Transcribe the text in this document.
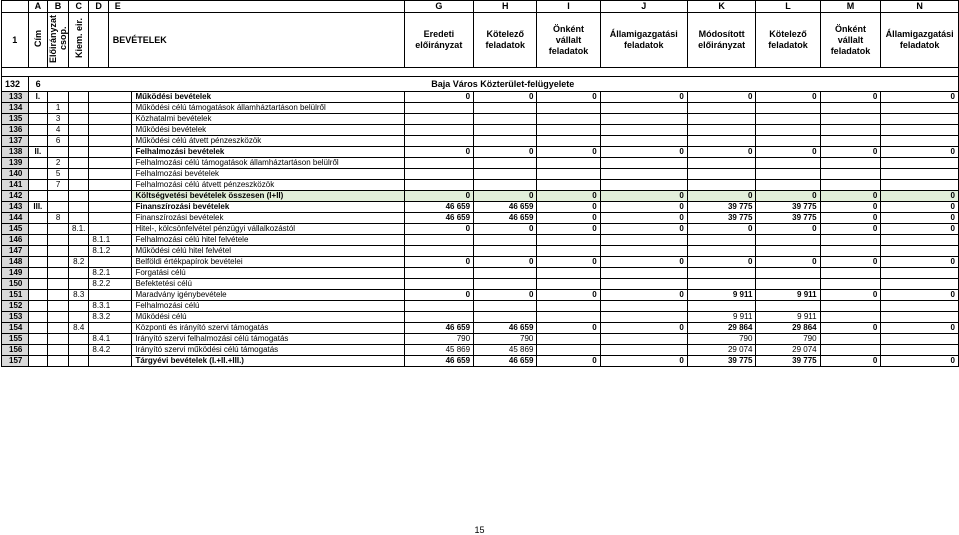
	A	B	C	D	E		G	H	I	J	K	L	M	N
1	Cím	Előirányzat csop.	Kiem. eir.		BEVÉTELEK		Eredeti előirányzat	Kötelező feladatok	Önként vállalt feladatok	Államigazgatási feladatok	Módosított előirányzat	Kötelező feladatok	Önként vállalt feladatok	Államigazgatási feladatok

132	6	Baja Város Közterület-felügyelete												
133	I.					Működési bevételek	0	0	0	0	0	0	0	0
134		1				Működési célú támogatások államháztartáson belülről								
135		3				Közhatalmi bevételek								
136		4				Működési bevételek								
137		6				Működési célú átvett pénzeszközök								
138	II.					Felhalmozási bevételek	0	0	0	0	0	0	0	0
139		2				Felhalmozási célú támogatások államháztartáson belülről								
140		5				Felhalmozási bevételek								
141		7				Felhalmozási célú átvett pénzeszközök								
142						Költségvetési bevételek összesen (I+II)	0	0	0	0	0	0	0	0
143	III.					Finanszírozási bevételek	46 659	46 659	0	0	39 775	39 775	0	0
144		8				Finanszírozási bevételek	46 659	46 659	0	0	39 775	39 775	0	0
145			8.1.			Hitel-, kölcsönfelvétel pénzügyi vállalkozástól	0	0	0	0	0	0	0	0
146				8.1.1		Felhalmozási célú hitel felvétele								
147				8.1.2		Működési célú hitel felvétel								
148			8.2			Belföldi értékpapírok bevételei	0	0	0	0	0	0	0	0
149				8.2.1		Forgatási célú								
150				8.2.2		Befektetési célú								
151			8.3			Maradvány igénybevétele	0	0	0	0	9 911	9 911	0	0
152				8.3.1		Felhalmozási célú								
153				8.3.2		Működési célú					9 911	9 911		
154			8.4			Központi és irányító szervi támogatás	46 659	46 659	0	0	29 864	29 864	0	0
155				8.4.1		Irányító szervi felhalmozási célú támogatás	790	790			790	790		
156				8.4.2		Irányító szervi működési célú támogatás	45 869	45 869			29 074	29 074		
157						Tárgyévi bevételek (I.+II.+III.)	46 659	46 659	0	0	39 775	39 775	0	0
15
